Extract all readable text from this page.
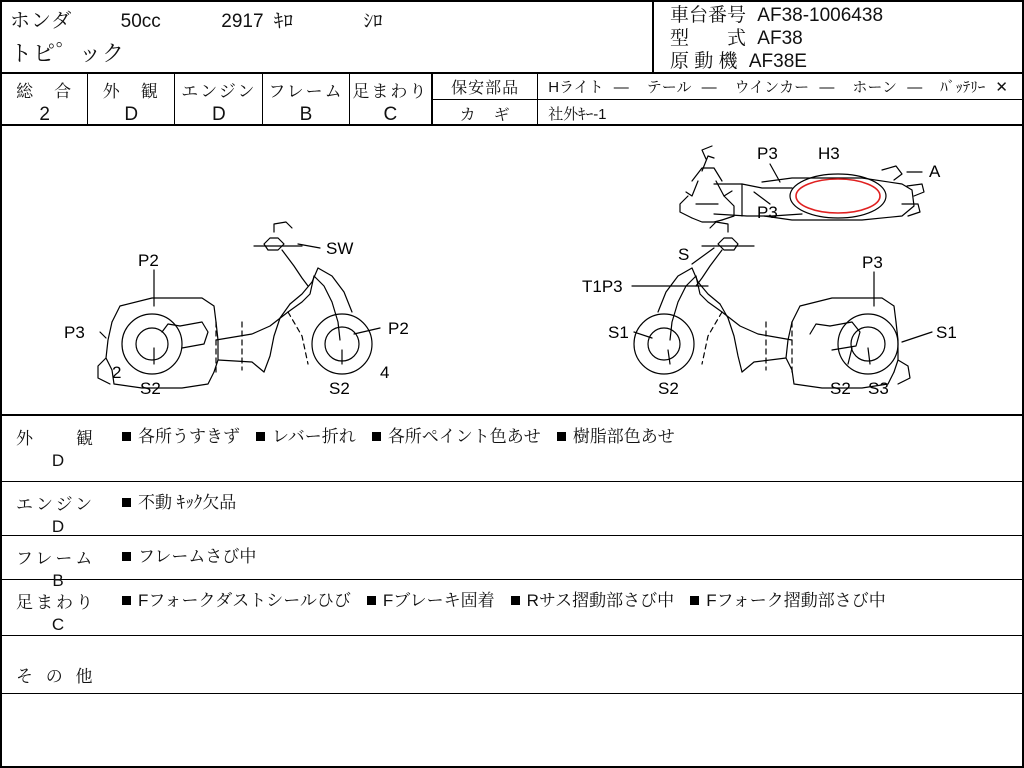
ホンダ	50cc	2917 ｷﾛ	ｼﾛ
トピ゜ック
車台番号 AF38-1006438
型　　式 AF38
原 動 機 AF38E
総　合
2
外　観
D
エンジン
D
フレーム
B
足まわり
C
保安部品	Hライト — テール — ウインカー — ホーン — ﾊﾞｯﾃﾘｰ ✕
カ　ギ	社外ｷｰ-1
P3 H3
A
P3
SW
P2
P3	P2
2
S2	S2
4
S
T1P3
P3
S1	S1
S2	S2 S3
外　　観
D
各所うすきず	レバー折れ	各所ペイント色あせ	樹脂部色あせ
エンジン
D
不動 ｷｯｸ欠品
フレーム
B
フレームさび中
足まわり
C
Fフォークダストシールひび	Fブレーキ固着	Rサス摺動部さび中	Fフォーク摺動部さび中
そ の 他
